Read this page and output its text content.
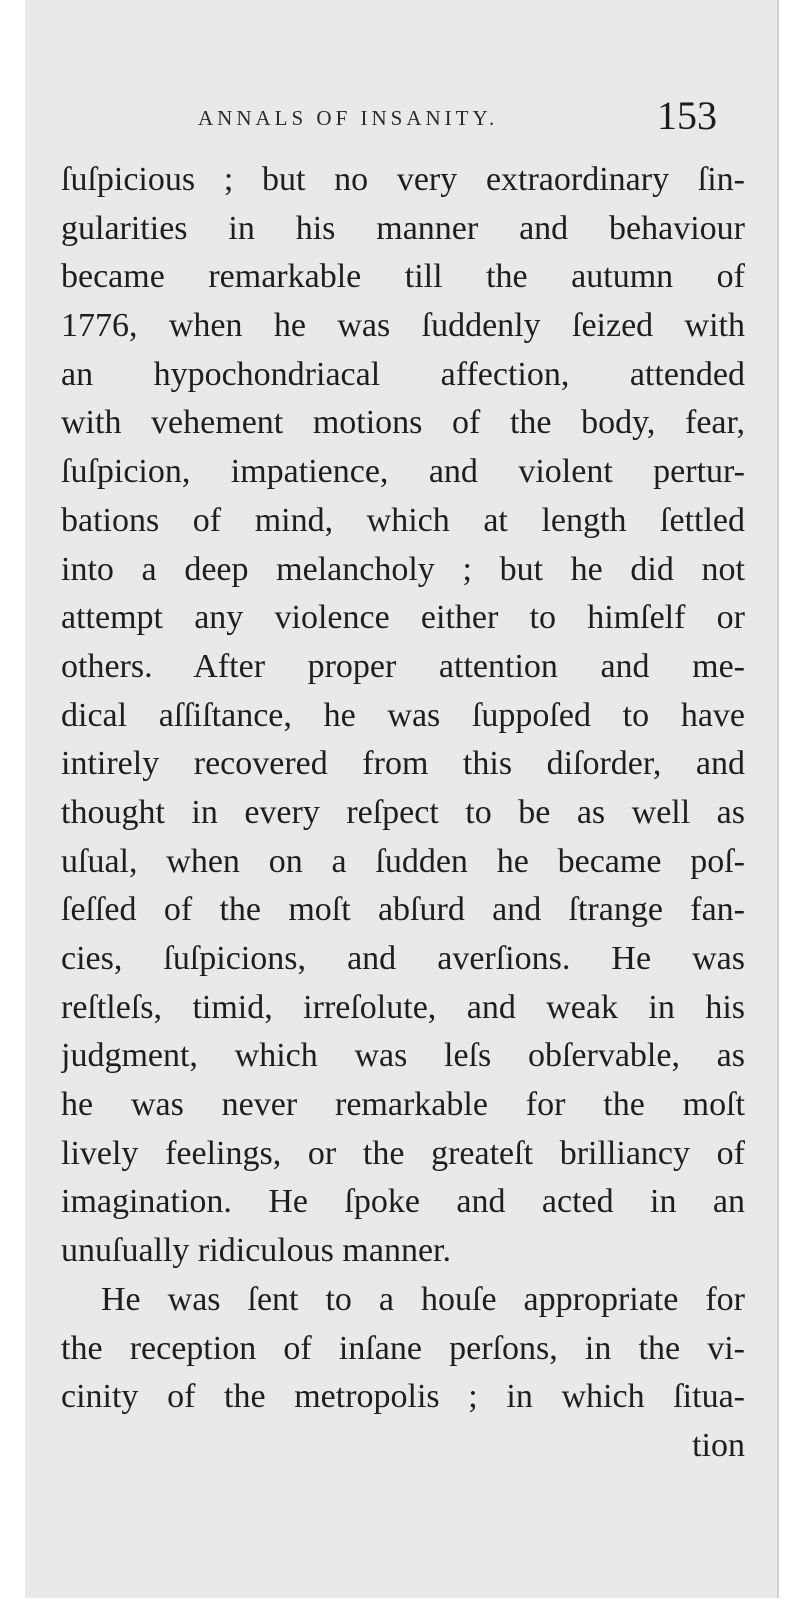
ANNALS OF INSANITY.	153
ſuſpicious ; but no very extraordinary ſin-
gularities in his manner and behaviour
became remarkable till the autumn of
1776, when he was ſuddenly ſeized with
an hypochondriacal affection, attended
with vehement motions of the body, fear,
ſuſpicion, impatience, and violent pertur-
bations of mind, which at length ſettled
into a deep melancholy ; but he did not
attempt any violence either to himſelf or
others. After proper attention and me-
dical aſſiſtance, he was ſuppoſed to have
intirely recovered from this diſorder, and
thought in every reſpect to be as well as
uſual, when on a ſudden he became poſ-
ſeſſed of the moſt abſurd and ſtrange fan-
cies, ſuſpicions, and averſions. He was
reſtleſs, timid, irreſolute, and weak in his
judgment, which was leſs obſervable, as
he was never remarkable for the moſt
lively feelings, or the greateſt brilliancy of
imagination. He ſpoke and acted in an
unuſually ridiculous manner.
He was ſent to a houſe appropriate for
the reception of inſane perſons, in the vi-
cinity of the metropolis ; in which ſitua-
tion
